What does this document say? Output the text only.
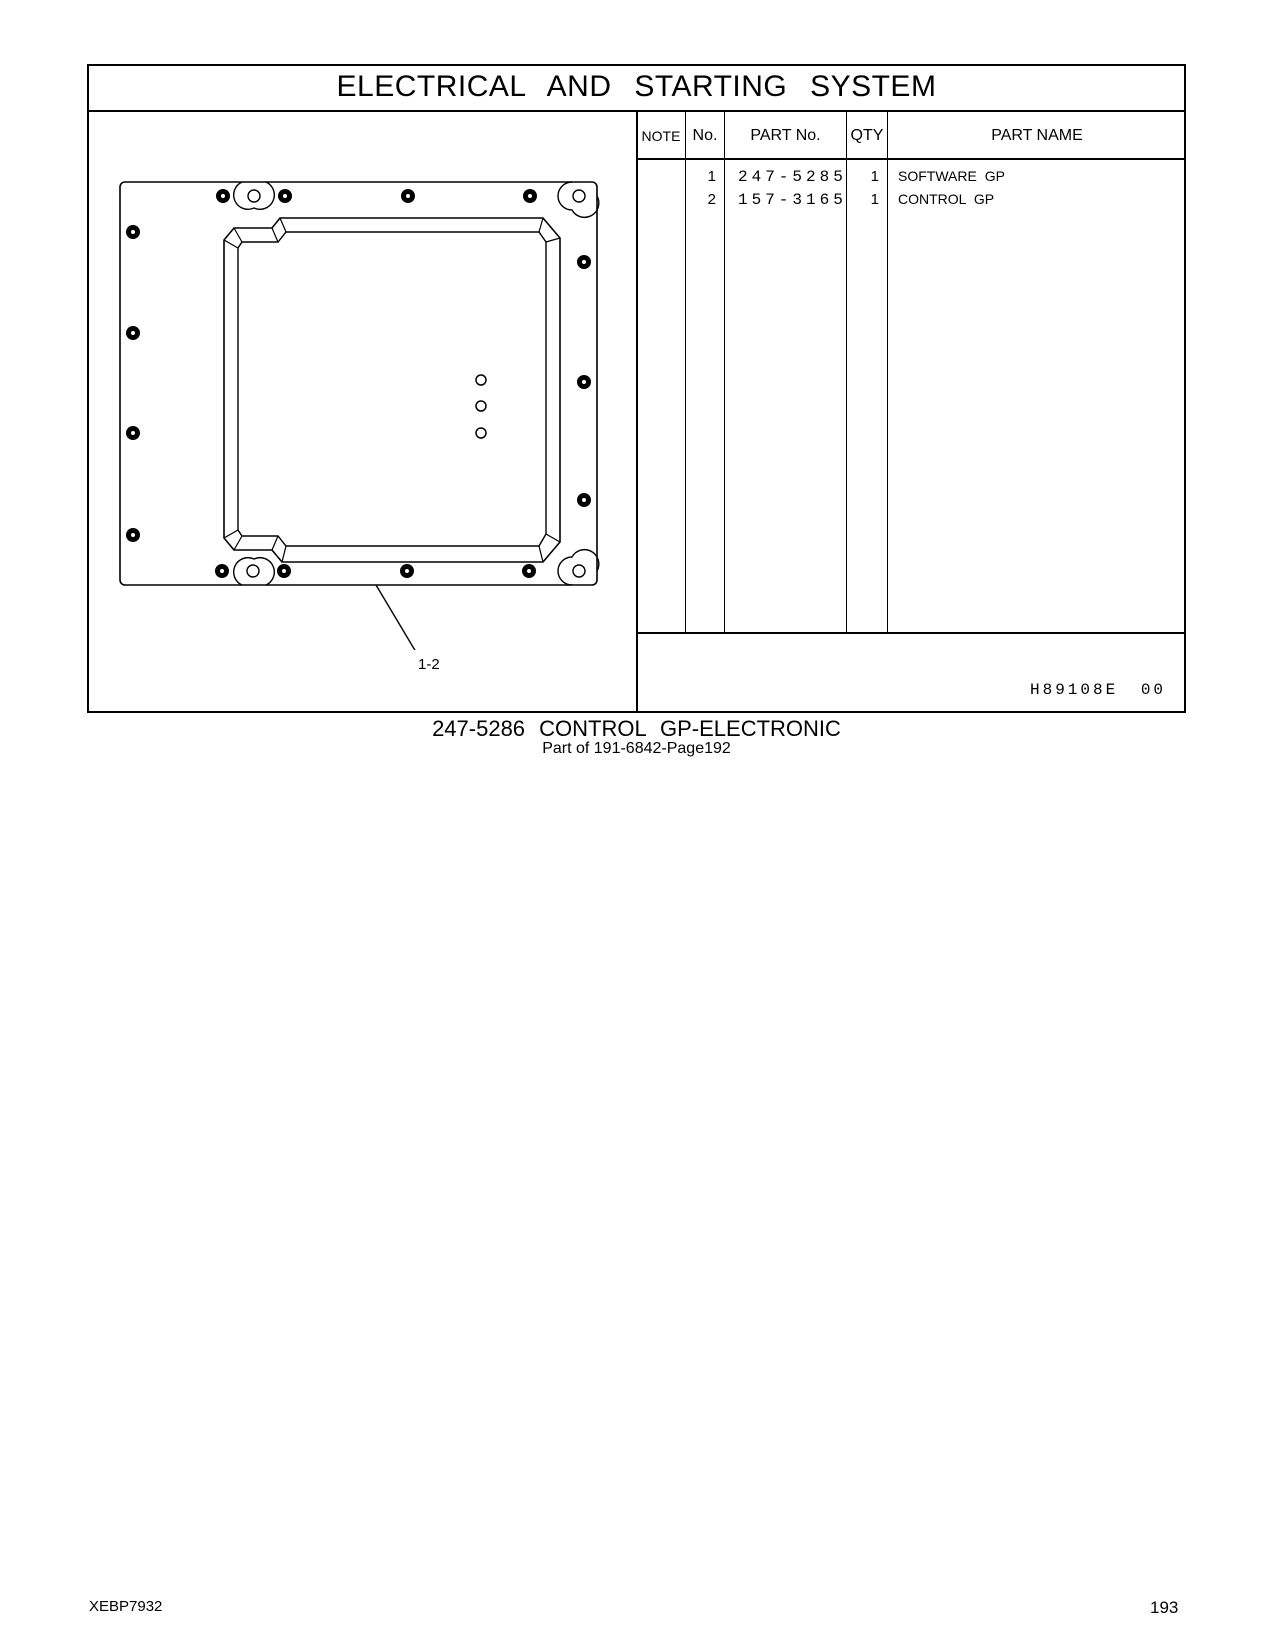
ELECTRICAL AND STARTING SYSTEM
NOTE No.	PART No.	QTY	PART NAME
1 247-5285	1 SOFTWARE GP
2 157-3165	1 CONTROL GP
1-2
H89108E 00
247-5286 CONTROL GP-ELECTRONIC
Part of 191-6842-Page192
XEBP7932	193
